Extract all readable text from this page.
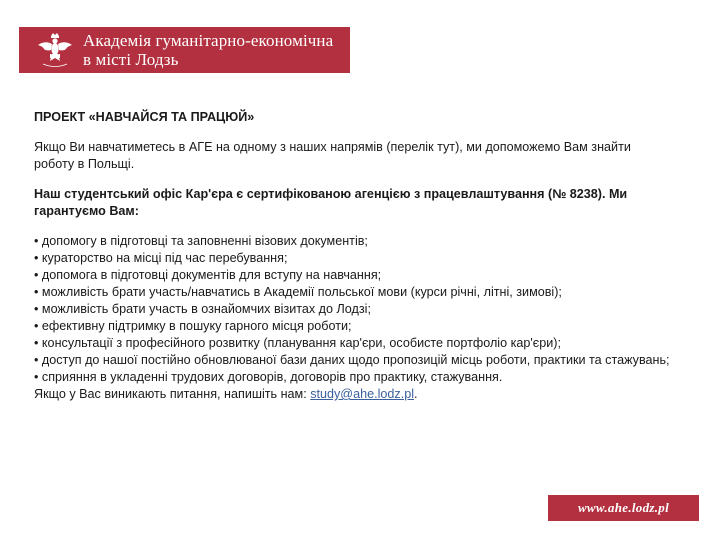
Академія гуманітарно-економічна
в місті Лодзь

ПРОЕКТ «НАВЧАЙСЯ ТА ПРАЦЮЙ»

Якщо Ви навчатиметесь в АГЕ на одному з наших напрямів (перелік тут), ми допоможемо Вам знайти роботу в Польщі.

Наш студентський офіс Кар'єра є сертифікованою агенцією з працевлаштування (№ 8238). Ми гарантуємо Вам:

• допомогу в підготовці та заповненні візових документів;
• кураторство на місці під час перебування;
• допомога в підготовці документів для вступу на навчання;
• можливість брати участь/навчатись в Академії польської мови (курси річні, літні, зимові);
• можливість брати участь в ознайомчих візитах до Лодзі;
• ефективну підтримку в пошуку гарного місця роботи;
• консультації з професійного розвитку (планування кар'єри, особисте портфоліо кар'єри);
• доступ до нашої постійно обновлюваної бази даних щодо пропозицій місць роботи, практики та стажувань;
• сприяння в укладенні трудових договорів, договорів про практику, стажування.

Якщо у Вас виникають питання, напишіть нам: study@ahe.lodz.pl.

www.ahe.lodz.pl
